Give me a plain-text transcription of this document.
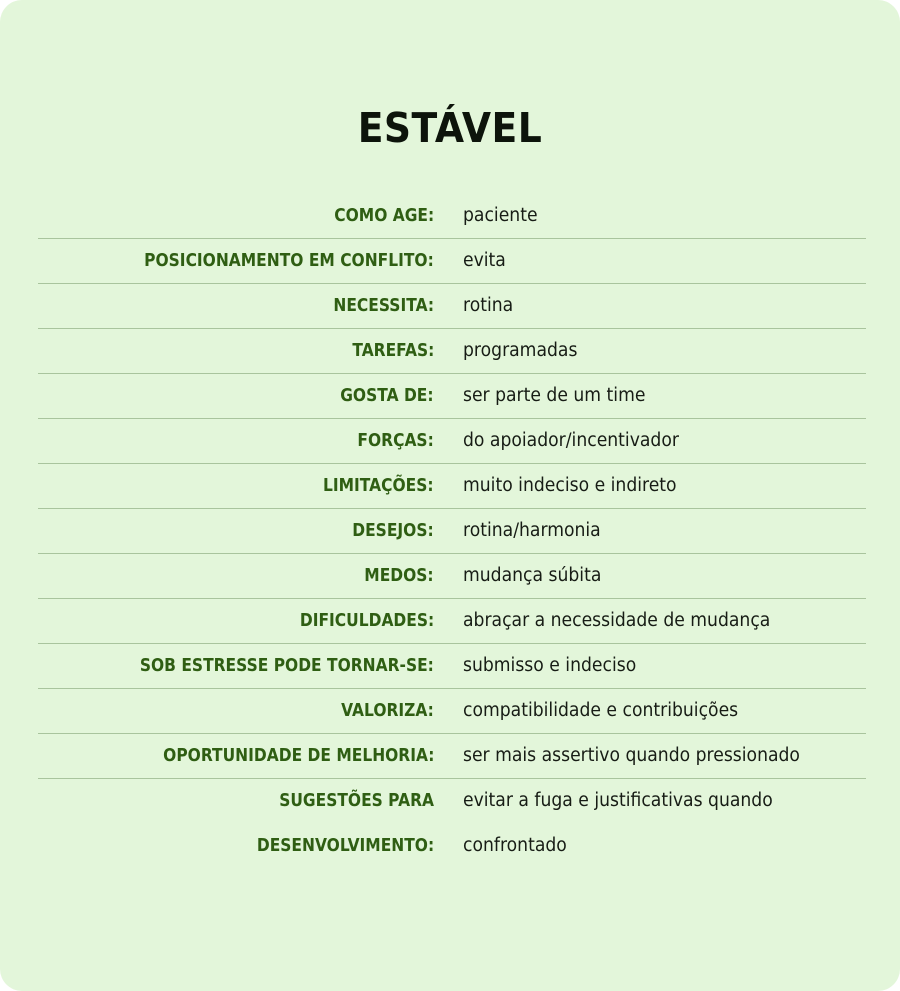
ESTÁVEL
COMO AGE: paciente
POSICIONAMENTO EM CONFLITO: evita
NECESSITA: rotina
TAREFAS: programadas
GOSTA DE: ser parte de um time
FORÇAS: do apoiador/incentivador
LIMITAÇÕES: muito indeciso e indireto
DESEJOS: rotina/harmonia
MEDOS: mudança súbita
DIFICULDADES: abraçar a necessidade de mudança
SOB ESTRESSE PODE TORNAR-SE: submisso e indeciso
VALORIZA: compatibilidade e contribuições
OPORTUNIDADE DE MELHORIA: ser mais assertivo quando pressionado
SUGESTÕES PARA evitar a fuga e justificativas quando
DESENVOLVIMENTO: confrontado
